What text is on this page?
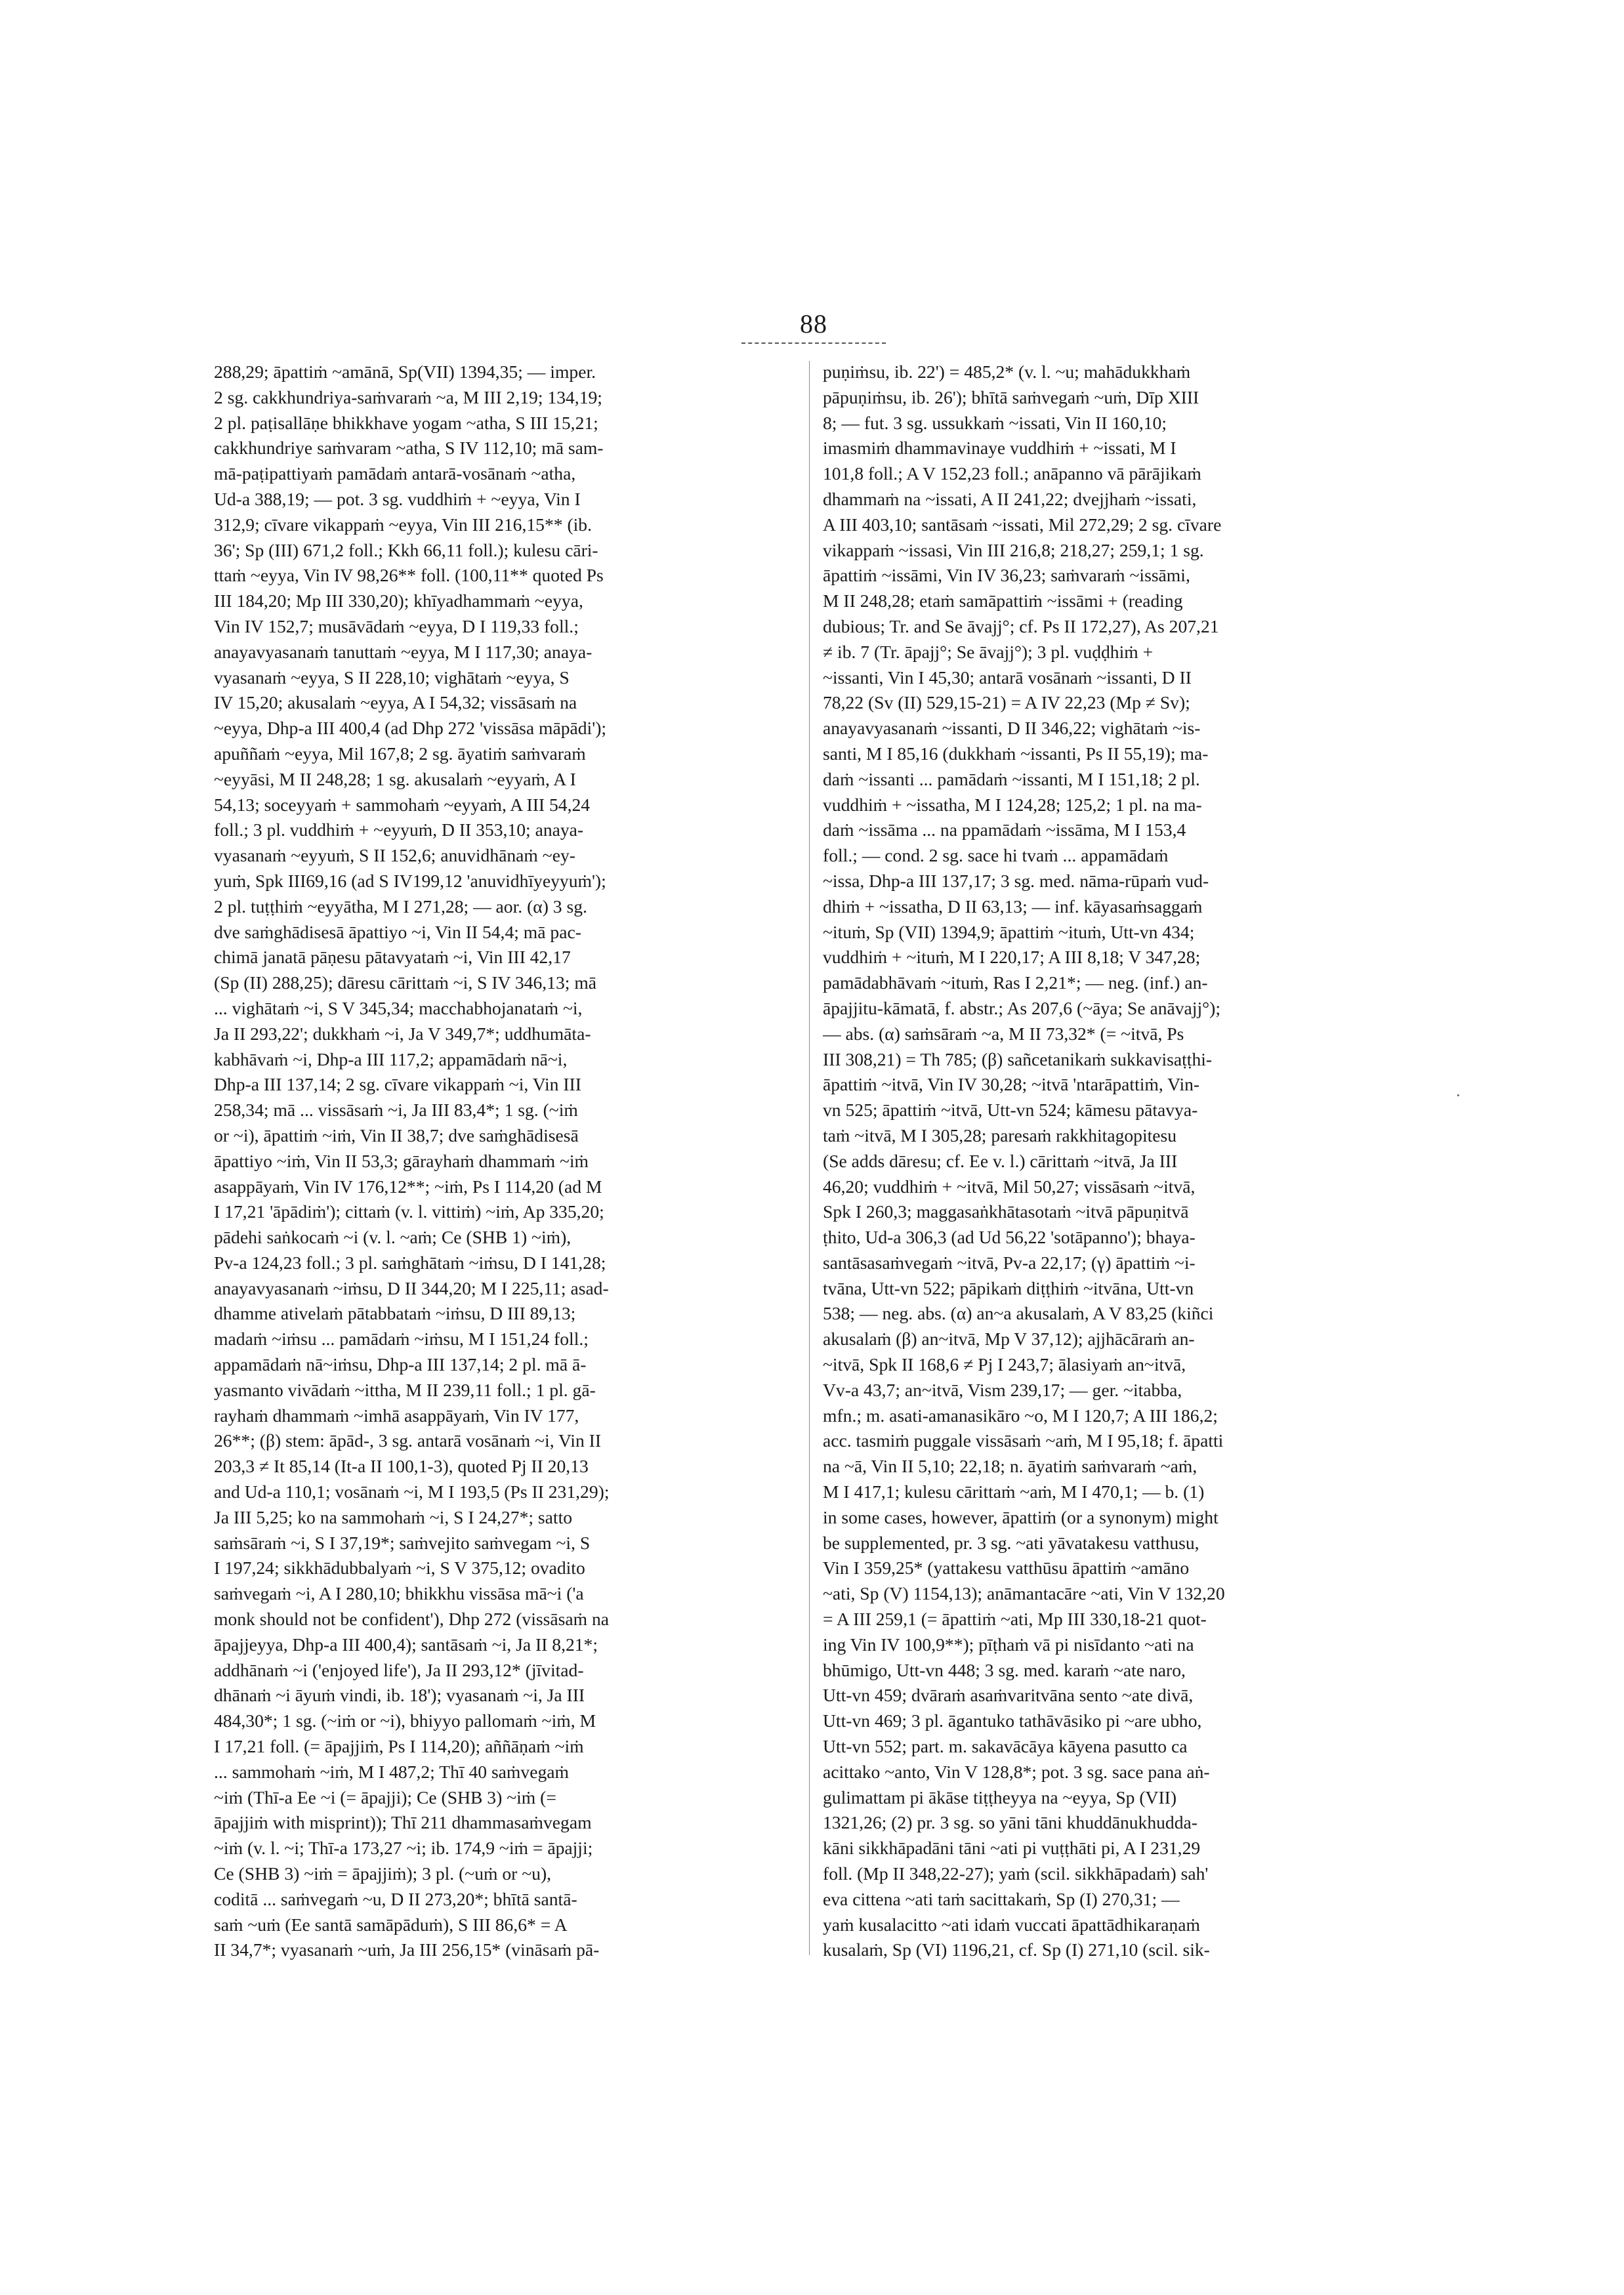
88
288,29; āpattiṁ ~amānā, Sp(VII) 1394,35; — imper.
2 sg. cakkhundriya-saṁvaraṁ ~a, M III 2,19; 134,19;
2 pl. paṭisallāṇe bhikkhave yogam ~atha, S III 15,21;
cakkhundriye saṁvaram ~atha, S IV 112,10; mā sam-
mā-paṭipattiyaṁ pamādaṁ antarā-vosānaṁ ~atha,
Ud-a 388,19; — pot. 3 sg. vuddhiṁ + ~eyya, Vin I
312,9; cīvare vikappaṁ ~eyya, Vin III 216,15** (ib.
36'; Sp (III) 671,2 foll.; Kkh 66,11 foll.); kulesu cāri-
ttaṁ ~eyya, Vin IV 98,26** foll. (100,11** quoted Ps
III 184,20; Mp III 330,20); khīyadhammaṁ ~eyya,
Vin IV 152,7; musāvādaṁ ~eyya, D I 119,33 foll.;
anayavyasanaṁ tanuttaṁ ~eyya, M I 117,30; anaya-
vyasanaṁ ~eyya, S II 228,10; vighātaṁ ~eyya, S
IV 15,20; akusalaṁ ~eyya, A I 54,32; vissāsaṁ na
~eyya, Dhp-a III 400,4 (ad Dhp 272 'vissāsa māpādi');
apuññaṁ ~eyya, Mil 167,8; 2 sg. āyatiṁ saṁvaraṁ
~eyyāsi, M II 248,28; 1 sg. akusalaṁ ~eyyaṁ, A I
54,13; soceyyaṁ + sammohaṁ ~eyyaṁ, A III 54,24
foll.; 3 pl. vuddhiṁ + ~eyyuṁ, D II 353,10; anaya-
vyasanaṁ ~eyyuṁ, S II 152,6; anuvidhānaṁ ~ey-
yuṁ, Spk III69,16 (ad S IV199,12 'anuvidhīyeyyuṁ');
2 pl. tuṭṭhiṁ ~eyyātha, M I 271,28; — aor. (α) 3 sg.
dve saṁghādisesā āpattiyo ~i, Vin II 54,4; mā pac-
chimā janatā pāṇesu pātavyataṁ ~i, Vin III 42,17
(Sp (II) 288,25); dāresu cārittaṁ ~i, S IV 346,13; mā
... vighātaṁ ~i, S V 345,34; macchabhojanataṁ ~i,
Ja II 293,22'; dukkhaṁ ~i, Ja V 349,7*; uddhumāta-
kabhāvaṁ ~i, Dhp-a III 117,2; appamādaṁ nā~i,
Dhp-a III 137,14; 2 sg. cīvare vikappaṁ ~i, Vin III
258,34; mā ... vissāsaṁ ~i, Ja III 83,4*; 1 sg. (~iṁ
or ~i), āpattiṁ ~iṁ, Vin II 38,7; dve saṁghādisesā
āpattiyo ~iṁ, Vin II 53,3; gārayhaṁ dhammaṁ ~iṁ
asappāyaṁ, Vin IV 176,12**; ~iṁ, Ps I 114,20 (ad M
I 17,21 'āpādiṁ'); cittaṁ (v. l. vittiṁ) ~iṁ, Ap 335,20;
pādehi saṅkocaṁ ~i (v. l. ~aṁ; Ce (SHB 1) ~iṁ),
Pv-a 124,23 foll.; 3 pl. saṁghātaṁ ~iṁsu, D I 141,28;
anayavyasanaṁ ~iṁsu, D II 344,20; M I 225,11; asad-
dhamme ativelaṁ pātabbataṁ ~iṁsu, D III 89,13;
madaṁ ~iṁsu ... pamādaṁ ~iṁsu, M I 151,24 foll.;
appamādaṁ nā~iṁsu, Dhp-a III 137,14; 2 pl. mā ā-
yasmanto vivādaṁ ~ittha, M II 239,11 foll.; 1 pl. gā-
rayhaṁ dhammaṁ ~imhā asappāyaṁ, Vin IV 177,
26**; (β) stem: āpād-, 3 sg. antarā vosānaṁ ~i, Vin II
203,3 ≠ It 85,14 (It-a II 100,1-3), quoted Pj II 20,13
and Ud-a 110,1; vosānaṁ ~i, M I 193,5 (Ps II 231,29);
Ja III 5,25; ko na sammohaṁ ~i, S I 24,27*; satto
saṁsāraṁ ~i, S I 37,19*; saṁvejito saṁvegam ~i, S
I 197,24; sikkhādubbalyaṁ ~i, S V 375,12; ovadito
saṁvegaṁ ~i, A I 280,10; bhikkhu vissāsa mā~i ('a
monk should not be confident'), Dhp 272 (vissāsaṁ na
āpajjeyya, Dhp-a III 400,4); santāsaṁ ~i, Ja II 8,21*;
addhānaṁ ~i ('enjoyed life'), Ja II 293,12* (jīvitad-
dhānaṁ ~i āyuṁ vindi, ib. 18'); vyasanaṁ ~i, Ja III
484,30*; 1 sg. (~iṁ or ~i), bhiyyo pallomaṁ ~iṁ, M
I 17,21 foll. (= āpajjiṁ, Ps I 114,20); aññāṇaṁ ~iṁ
... sammohaṁ ~iṁ, M I 487,2; Thī 40 saṁvegaṁ
~iṁ (Thī-a Ee ~i (= āpajji); Ce (SHB 3) ~iṁ (=
āpajjiṁ with misprint)); Thī 211 dhammasaṁvegam
~iṁ (v. l. ~i; Thī-a 173,27 ~i; ib. 174,9 ~iṁ = āpajji;
Ce (SHB 3) ~iṁ = āpajjiṁ); 3 pl. (~uṁ or ~u),
coditā ... saṁvegaṁ ~u, D II 273,20*; bhītā santā-
saṁ ~uṁ (Ee santā samāpāduṁ), S III 86,6* = A
II 34,7*; vyasanaṁ ~uṁ, Ja III 256,15* (vināsaṁ pā-
puṇiṁsu, ib. 22') = 485,2* (v. l. ~u; mahādukkhaṁ
pāpuṇiṁsu, ib. 26'); bhītā saṁvegaṁ ~uṁ, Dīp XIII
8; — fut. 3 sg. ussukkaṁ ~issati, Vin II 160,10;
imasmiṁ dhammavinaye vuddhiṁ + ~issati, M I
101,8 foll.; A V 152,23 foll.; anāpanno vā pārājikaṁ
dhammaṁ na ~issati, A II 241,22; dvejjhaṁ ~issati,
A III 403,10; santāsaṁ ~issati, Mil 272,29; 2 sg. cīvare
vikappaṁ ~issasi, Vin III 216,8; 218,27; 259,1; 1 sg.
āpattiṁ ~issāmi, Vin IV 36,23; saṁvaraṁ ~issāmi,
M II 248,28; etaṁ samāpattiṁ ~issāmi + (reading
dubious; Tr. and Se āvajj°; cf. Ps II 172,27), As 207,21
≠ ib. 7 (Tr. āpajj°; Se āvajj°); 3 pl. vuḍḍhiṁ +
~issanti, Vin I 45,30; antarā vosānaṁ ~issanti, D II
78,22 (Sv (II) 529,15-21) = A IV 22,23 (Mp ≠ Sv);
anayavyasanaṁ ~issanti, D II 346,22; vighātaṁ ~is-
santi, M I 85,16 (dukkhaṁ ~issanti, Ps II 55,19); ma-
daṁ ~issanti ... pamādaṁ ~issanti, M I 151,18; 2 pl.
vuddhiṁ + ~issatha, M I 124,28; 125,2; 1 pl. na ma-
daṁ ~issāma ... na ppamādaṁ ~issāma, M I 153,4
foll.; — cond. 2 sg. sace hi tvaṁ ... appamādaṁ
~issa, Dhp-a III 137,17; 3 sg. med. nāma-rūpaṁ vud-
dhiṁ + ~issatha, D II 63,13; — inf. kāyasaṁsaggaṁ
~ituṁ, Sp (VII) 1394,9; āpattiṁ ~ituṁ, Utt-vn 434;
vuddhiṁ + ~ituṁ, M I 220,17; A III 8,18; V 347,28;
pamādabhāvaṁ ~ituṁ, Ras I 2,21*; — neg. (inf.) an-
āpajjitu-kāmatā, f. abstr.; As 207,6 (~āya; Se anāvajj°);
— abs. (α) saṁsāraṁ ~a, M II 73,32* (= ~itvā, Ps
III 308,21) = Th 785; (β) sañcetanikaṁ sukkavisaṭṭhi-
āpattiṁ ~itvā, Vin IV 30,28; ~itvā 'ntarāpattiṁ, Vin-
vn 525; āpattiṁ ~itvā, Utt-vn 524; kāmesu pātavya-
taṁ ~itvā, M I 305,28; paresaṁ rakkhitagopitesu
(Se adds dāresu; cf. Ee v. l.) cārittaṁ ~itvā, Ja III
46,20; vuddhiṁ + ~itvā, Mil 50,27; vissāsaṁ ~itvā,
Spk I 260,3; maggasaṅkhātasotaṁ ~itvā pāpuṇitvā
ṭhito, Ud-a 306,3 (ad Ud 56,22 'sotāpanno'); bhaya-
santāsasaṁvegaṁ ~itvā, Pv-a 22,17; (γ) āpattiṁ ~i-
tvāna, Utt-vn 522; pāpikaṁ diṭṭhiṁ ~itvāna, Utt-vn
538; — neg. abs. (α) an~a akusalaṁ, A V 83,25 (kiñci
akusalaṁ (β) an~itvā, Mp V 37,12); ajjhācāraṁ an-
~itvā, Spk II 168,6 ≠ Pj I 243,7; ālasiyaṁ an~itvā,
Vv-a 43,7; an~itvā, Vism 239,17; — ger. ~itabba,
mfn.; m. asati-amanasikāro ~o, M I 120,7; A III 186,2;
acc. tasmiṁ puggale vissāsaṁ ~aṁ, M I 95,18; f. āpatti
na ~ā, Vin II 5,10; 22,18; n. āyatiṁ saṁvaraṁ ~aṁ,
M I 417,1; kulesu cārittaṁ ~aṁ, M I 470,1; — b. (1)
in some cases, however, āpattiṁ (or a synonym) might
be supplemented, pr. 3 sg. ~ati yāvatakesu vatthusu,
Vin I 359,25* (yattakesu vatthūsu āpattiṁ ~amāno
~ati, Sp (V) 1154,13); anāmantacāre ~ati, Vin V 132,20
= A III 259,1 (= āpattiṁ ~ati, Mp III 330,18-21 quot-
ing Vin IV 100,9**); pīṭhaṁ vā pi nisīdanto ~ati na
bhūmigo, Utt-vn 448; 3 sg. med. karaṁ ~ate naro,
Utt-vn 459; dvāraṁ asaṁvaritvāna sento ~ate divā,
Utt-vn 469; 3 pl. āgantuko tathāvāsiko pi ~are ubho,
Utt-vn 552; part. m. sakavācāya kāyena pasutto ca
acittako ~anto, Vin V 128,8*; pot. 3 sg. sace pana aṅ-
gulimattam pi ākāse tiṭṭheyya na ~eyya, Sp (VII)
1321,26; (2) pr. 3 sg. so yāni tāni khuddānukhudda-
kāni sikkhāpadāni tāni ~ati pi vuṭṭhāti pi, A I 231,29
foll. (Mp II 348,22-27); yaṁ (scil. sikkhāpadaṁ) sah'
eva cittena ~ati taṁ sacittakaṁ, Sp (I) 270,31; —
yaṁ kusalacitto ~ati idaṁ vuccati āpattādhikaraṇaṁ
kusalaṁ, Sp (VI) 1196,21, cf. Sp (I) 271,10 (scil. sik-
·
